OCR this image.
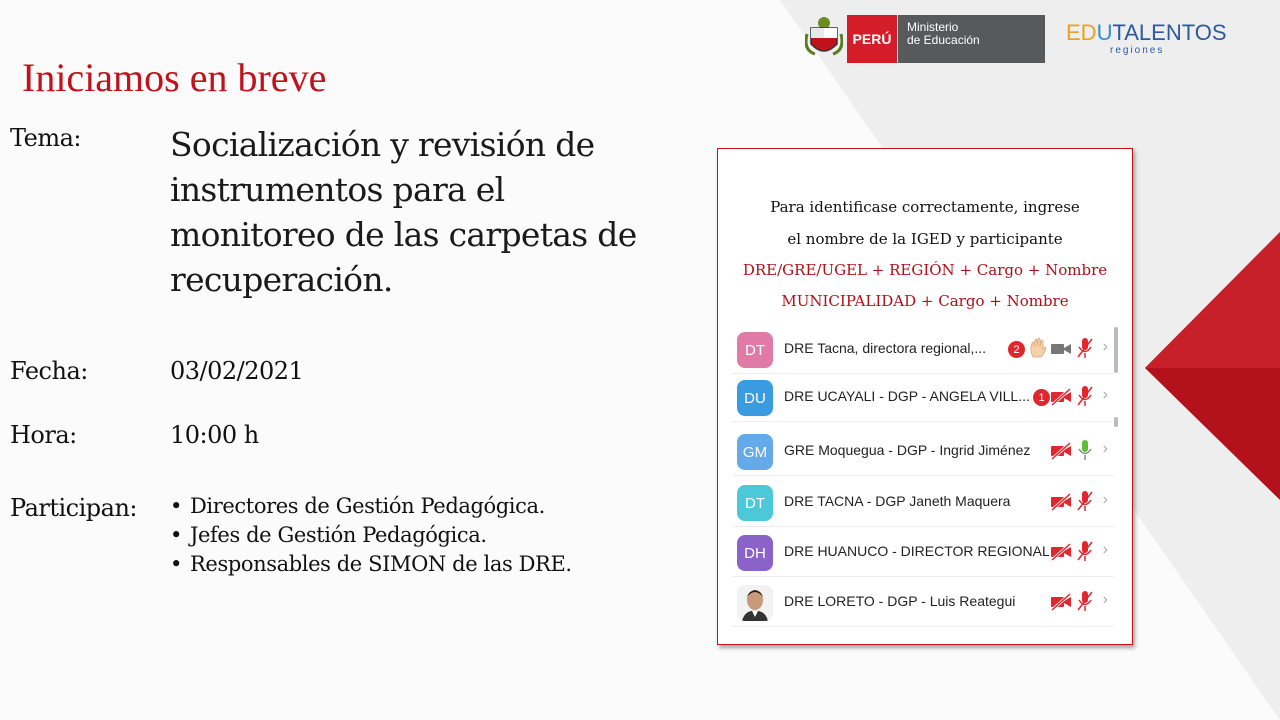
Iniciamos en breve
PERÚ
Ministerio
de Educación	EDUTALENTOS
regiones
Tema:	Socialización y revisión de instrumentos para el monitoreo de las carpetas de recuperación.
Fecha:	03/02/2021
Hora:	10:00 h
Participan:
•	Directores de Gestión Pedagógica.
• Jefes de Gestión Pedagógica.
• Responsables de SIMON de las DRE.
Para identificase correctamente, ingrese
el nombre de la IGED y participante
DRE/GRE/UGEL + REGIÓN + Cargo + Nombre
MUNICIPALIDAD + Cargo + Nombre
DT	DRE Tacna, directora regional,...	2	›
DU	DRE UCAYALI - DGP - ANGELA VILL... 1	›
GM	GRE Moquegua - DGP - Ingrid Jiménez	›
DT	DRE TACNA - DGP Janeth Maquera	›
DH	DRE HUANUCO - DIRECTOR REGIONAL	›
DRE LORETO - DGP - Luis Reategui	›
